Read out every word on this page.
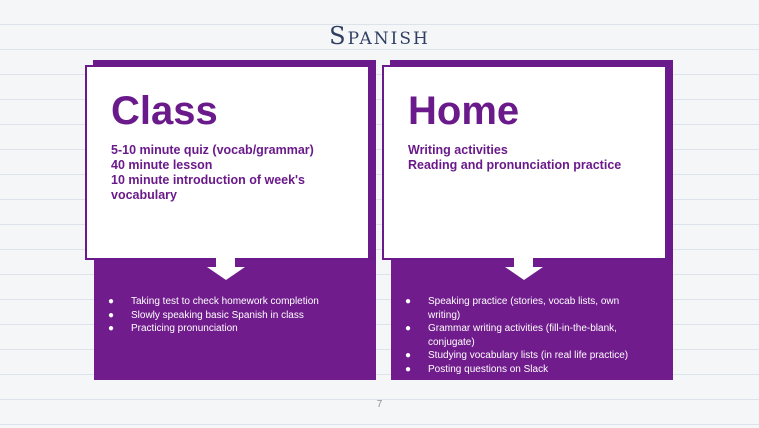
Spanish
● Taking test to check homework completion
● Slowly speaking basic Spanish in class
● Practicing pronunciation
Class
5-10 minute quiz (vocab/grammar)
40 minute lesson
10 minute introduction of week's
vocabulary
● Speaking practice (stories, vocab lists, own
writing)
● Grammar writing activities (fill-in-the-blank,
conjugate)
● Studying vocabulary lists (in real life practice)
● Posting questions on Slack
Home
Writing activities
Reading and pronunciation practice
7
